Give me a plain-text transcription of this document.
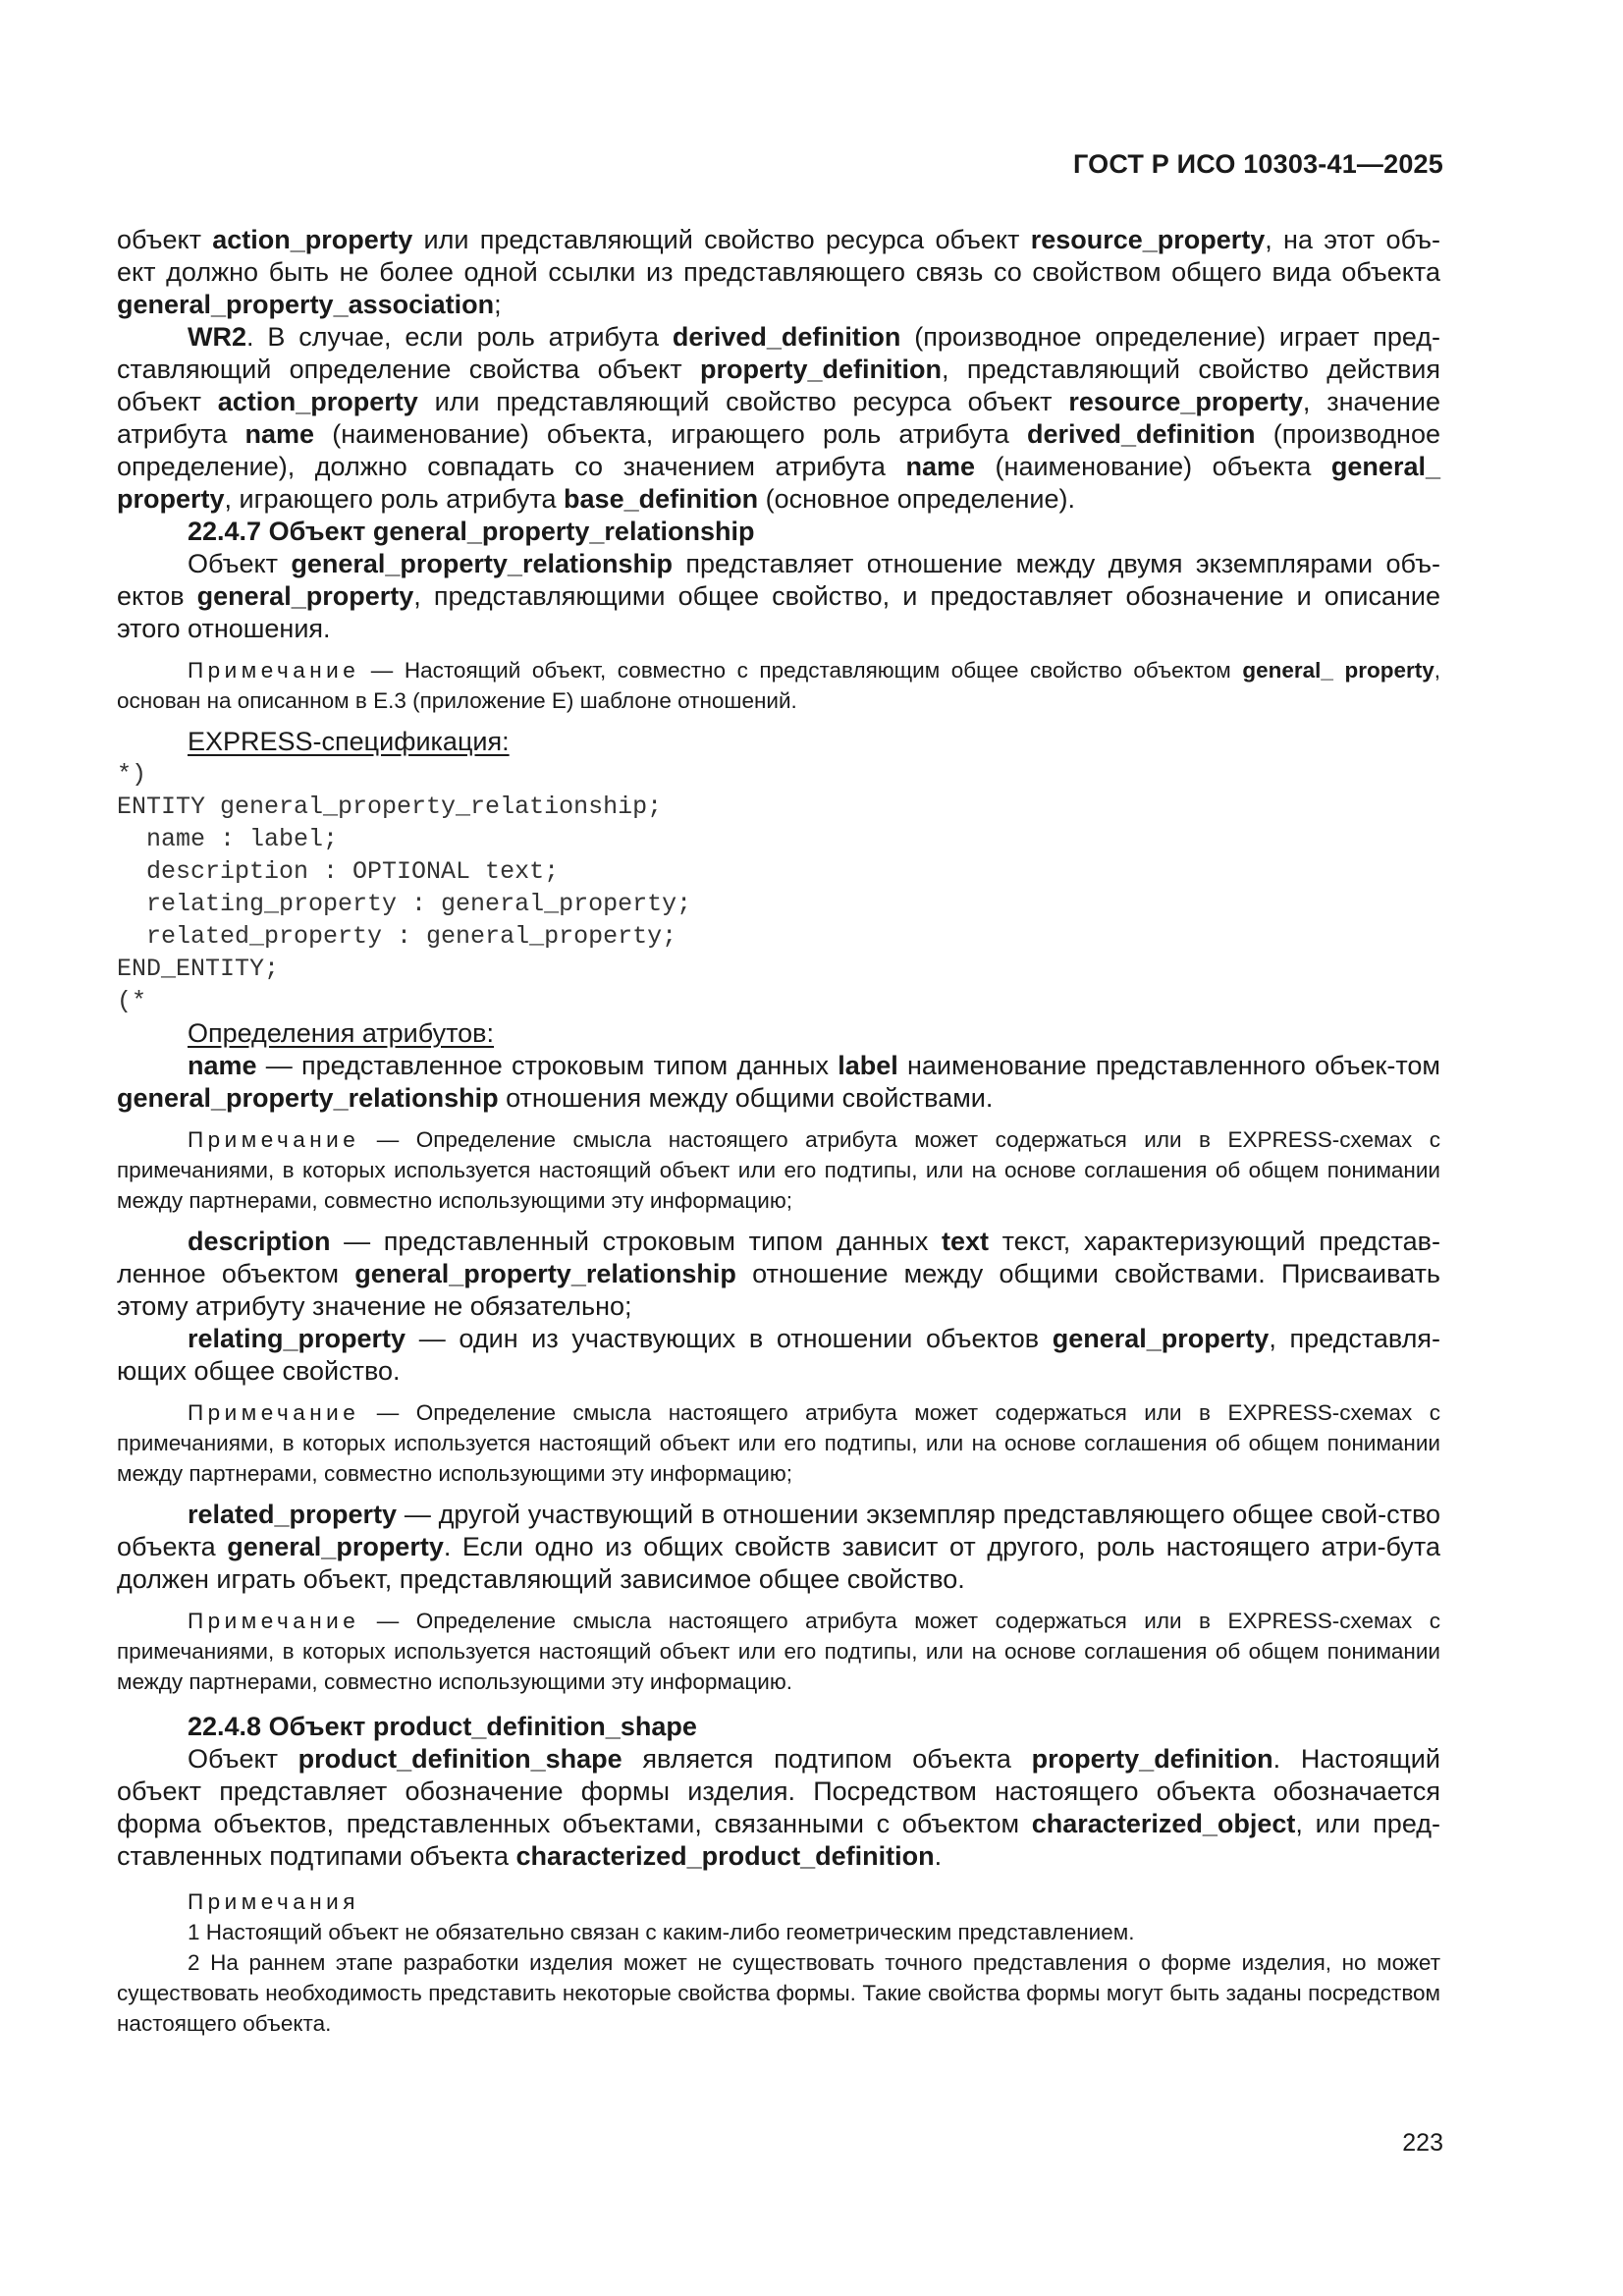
ГОСТ Р ИСО 10303-41—2025

объект action_property или представляющий свойство ресурса объект resource_property, на этот объ-ект должно быть не более одной ссылки из представляющего связь со свойством общего вида объекта general_property_association;

WR2. В случае, если роль атрибута derived_definition (производное определение) играет пред-ставляющий определение свойства объект property_definition, представляющий свойство действия объект action_property или представляющий свойство ресурса объект resource_property, значение атрибута name (наименование) объекта, играющего роль атрибута derived_definition (производное определение), должно совпадать со значением атрибута name (наименование) объекта general_ property, играющего роль атрибута base_definition (основное определение).

22.4.7 Объект general_property_relationship

Объект general_property_relationship представляет отношение между двумя экземплярами объ-ектов general_property, представляющими общее свойство, и предоставляет обозначение и описание этого отношения.

Примечание — Настоящий объект, совместно с представляющим общее свойство объектом general_ property, основан на описанном в Е.3 (приложение Е) шаблоне отношений.

EXPRESS-спецификация:

*)
ENTITY general_property_relationship;
name : label;
description : OPTIONAL text;
relating_property : general_property;
related_property : general_property;
END_ENTITY;
(*

Определения атрибутов:

name — представленное строковым типом данных label наименование представленного объек-том general_property_relationship отношения между общими свойствами.

Примечание — Определение смысла настоящего атрибута может содержаться или в EXPRESS-схемах с примечаниями, в которых используется настоящий объект или его подтипы, или на основе соглашения об общем понимании между партнерами, совместно использующими эту информацию;

description — представленный строковым типом данных text текст, характеризующий представ-ленное объектом general_property_relationship отношение между общими свойствами. Присваивать этому атрибуту значение не обязательно;

relating_property — один из участвующих в отношении объектов general_property, представля-ющих общее свойство.

Примечание — Определение смысла настоящего атрибута может содержаться или в EXPRESS-схемах с примечаниями, в которых используется настоящий объект или его подтипы, или на основе соглашения об общем понимании между партнерами, совместно использующими эту информацию;

related_property — другой участвующий в отношении экземпляр представляющего общее свой-ство объекта general_property. Если одно из общих свойств зависит от другого, роль настоящего атри-бута должен играть объект, представляющий зависимое общее свойство.

Примечание — Определение смысла настоящего атрибута может содержаться или в EXPRESS-схемах с примечаниями, в которых используется настоящий объект или его подтипы, или на основе соглашения об общем понимании между партнерами, совместно использующими эту информацию.
22.4.8 Объект product_definition_shape

Объект product_definition_shape является подтипом объекта property_definition. Настоящий объект представляет обозначение формы изделия. Посредством настоящего объекта обозначается форма объектов, представленных объектами, связанными с объектом characterized_object, или пред-ставленных подтипами объекта characterized_product_definition.

Примечания
1 Настоящий объект не обязательно связан с каким-либо геометрическим представлением.
2 На раннем этапе разработки изделия может не существовать точного представления о форме изделия, но может существовать необходимость представить некоторые свойства формы. Такие свойства формы могут быть заданы посредством настоящего объекта.
223
